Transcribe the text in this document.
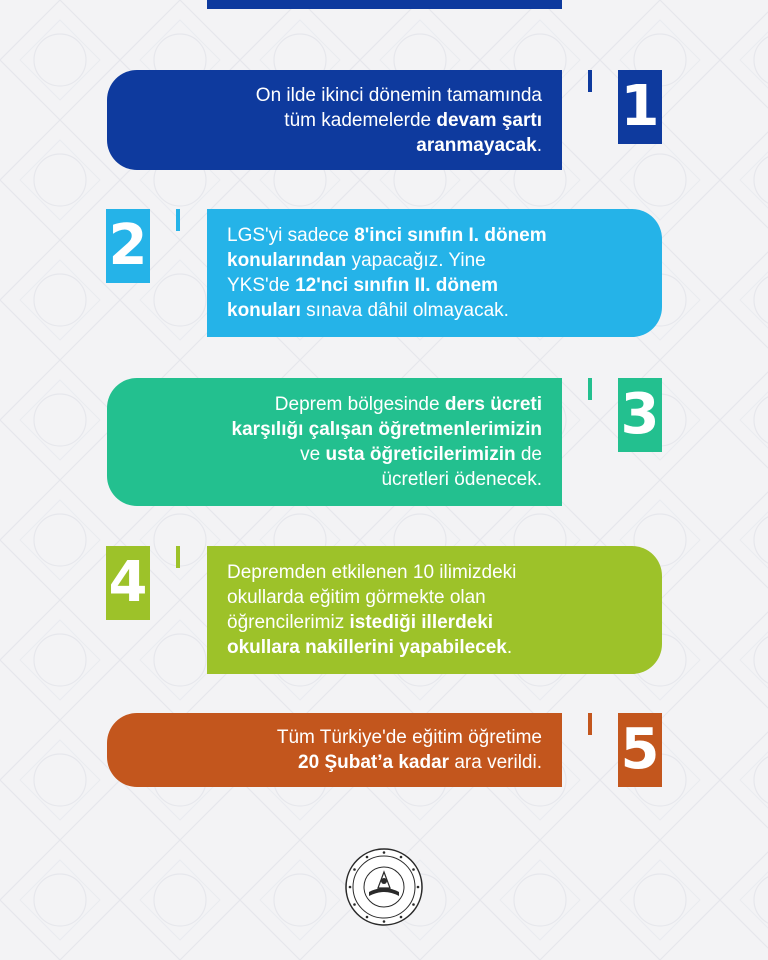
On ilde ikinci dönemin tamamında
tüm kademelerde devam şartı
aranmayacak.
1
2	LGS'yi sadece 8'inci sınıfın I. dönem
konularından yapacağız. Yine
YKS'de 12'nci sınıfın II. dönem
konuları sınava dâhil olmayacak.
Deprem bölgesinde ders ücreti
karşılığı çalışan öğretmenlerimizin
ve usta öğreticilerimizin de
ücretleri ödenecek.
3
4	Depremden etkilenen 10 ilimizdeki
okullarda eğitim görmekte olan
öğrencilerimiz istediği illerdeki
okullara nakillerini yapabilecek.
Tüm Türkiye'de eğitim öğretime
20 Şubat’a kadar ara verildi. 5
